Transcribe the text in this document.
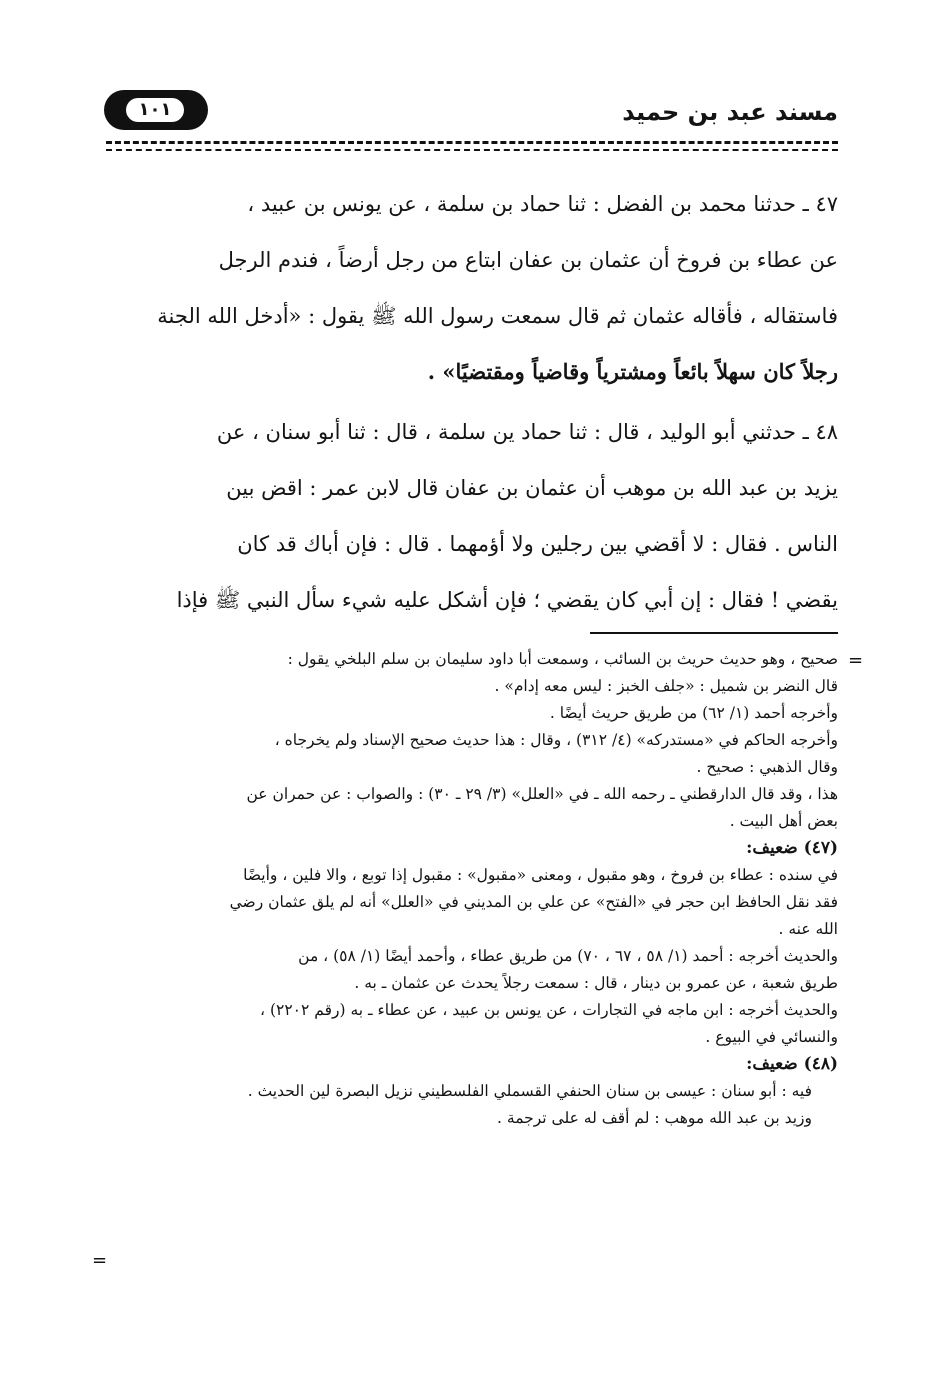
١٠١	مسند عبد بن حميد
٤٧ ـ حدثنا محمد بن الفضل : ثنا حماد بن سلمة ، عن يونس بن عبيد ،
عن عطاء بن فروخ أن عثمان بن عفان ابتاع من رجل أرضاً ، فندم الرجل
فاستقاله ، فأقاله عثمان ثم قال سمعت رسول الله ﷺ يقول : «أدخل الله الجنة
رجلاً كان سهلاً بائعاً ومشترياً وقاضياً ومقتضيًا» .
٤٨ ـ حدثني أبو الوليد ، قال : ثنا حماد ين سلمة ، قال : ثنا أبو سنان ، عن
يزيد بن عبد الله بن موهب أن عثمان بن عفان قال لابن عمر : اقض بين
الناس . فقال : لا أقضي بين رجلين ولا أؤمهما . قال : فإن أباك قد كان
يقضي ! فقال : إن أبي كان يقضي ؛ فإن أشكل عليه شيء سأل النبي ﷺ فإذا
=
صحيح ، وهو حديث حريث بن السائب ، وسمعت أبا داود سليمان بن سلم البلخي يقول :
قال النضر بن شميل : «جلف الخبز : ليس معه إدام» .
وأخرجه أحمد (١/ ٦٢) من طريق حريث أيضًا .
وأخرجه الحاكم في «مستدركه» (٤/ ٣١٢) ، وقال : هذا حديث صحيح الإسناد ولم يخرجاه ،
وقال الذهبي : صحيح .
هذا ، وقد قال الدارقطني ـ رحمه الله ـ في «العلل» (٣/ ٢٩ ـ ٣٠) : والصواب : عن حمران عن
بعض أهل البيت .
(٤٧) ضعيف:
في سنده : عطاء بن فروخ ، وهو مقبول ، ومعنى «مقبول» : مقبول إذا توبع ، والا فلين ، وأيضًا
فقد نقل الحافظ ابن حجر في «الفتح» عن علي بن المديني في «العلل» أنه لم يلق عثمان رضي
الله عنه .
والحديث أخرجه : أحمد (١/ ٥٨ ، ٦٧ ، ٧٠) من طريق عطاء ، وأحمد أيضًا (١/ ٥٨) ، من
طريق شعبة ، عن عمرو بن دينار ، قال : سمعت رجلاً يحدث عن عثمان ـ به .
والحديث أخرجه : ابن ماجه في التجارات ، عن يونس بن عبيد ، عن عطاء ـ به (رقم ٢٢٠٢) ،
والنسائي في البيوع .
(٤٨) ضعيف:
فيه : أبو سنان : عيسى بن سنان الحنفي القسملي الفلسطيني نزيل البصرة لين الحديث .
وزيد بن عبد الله موهب : لم أقف له على ترجمة .
=
